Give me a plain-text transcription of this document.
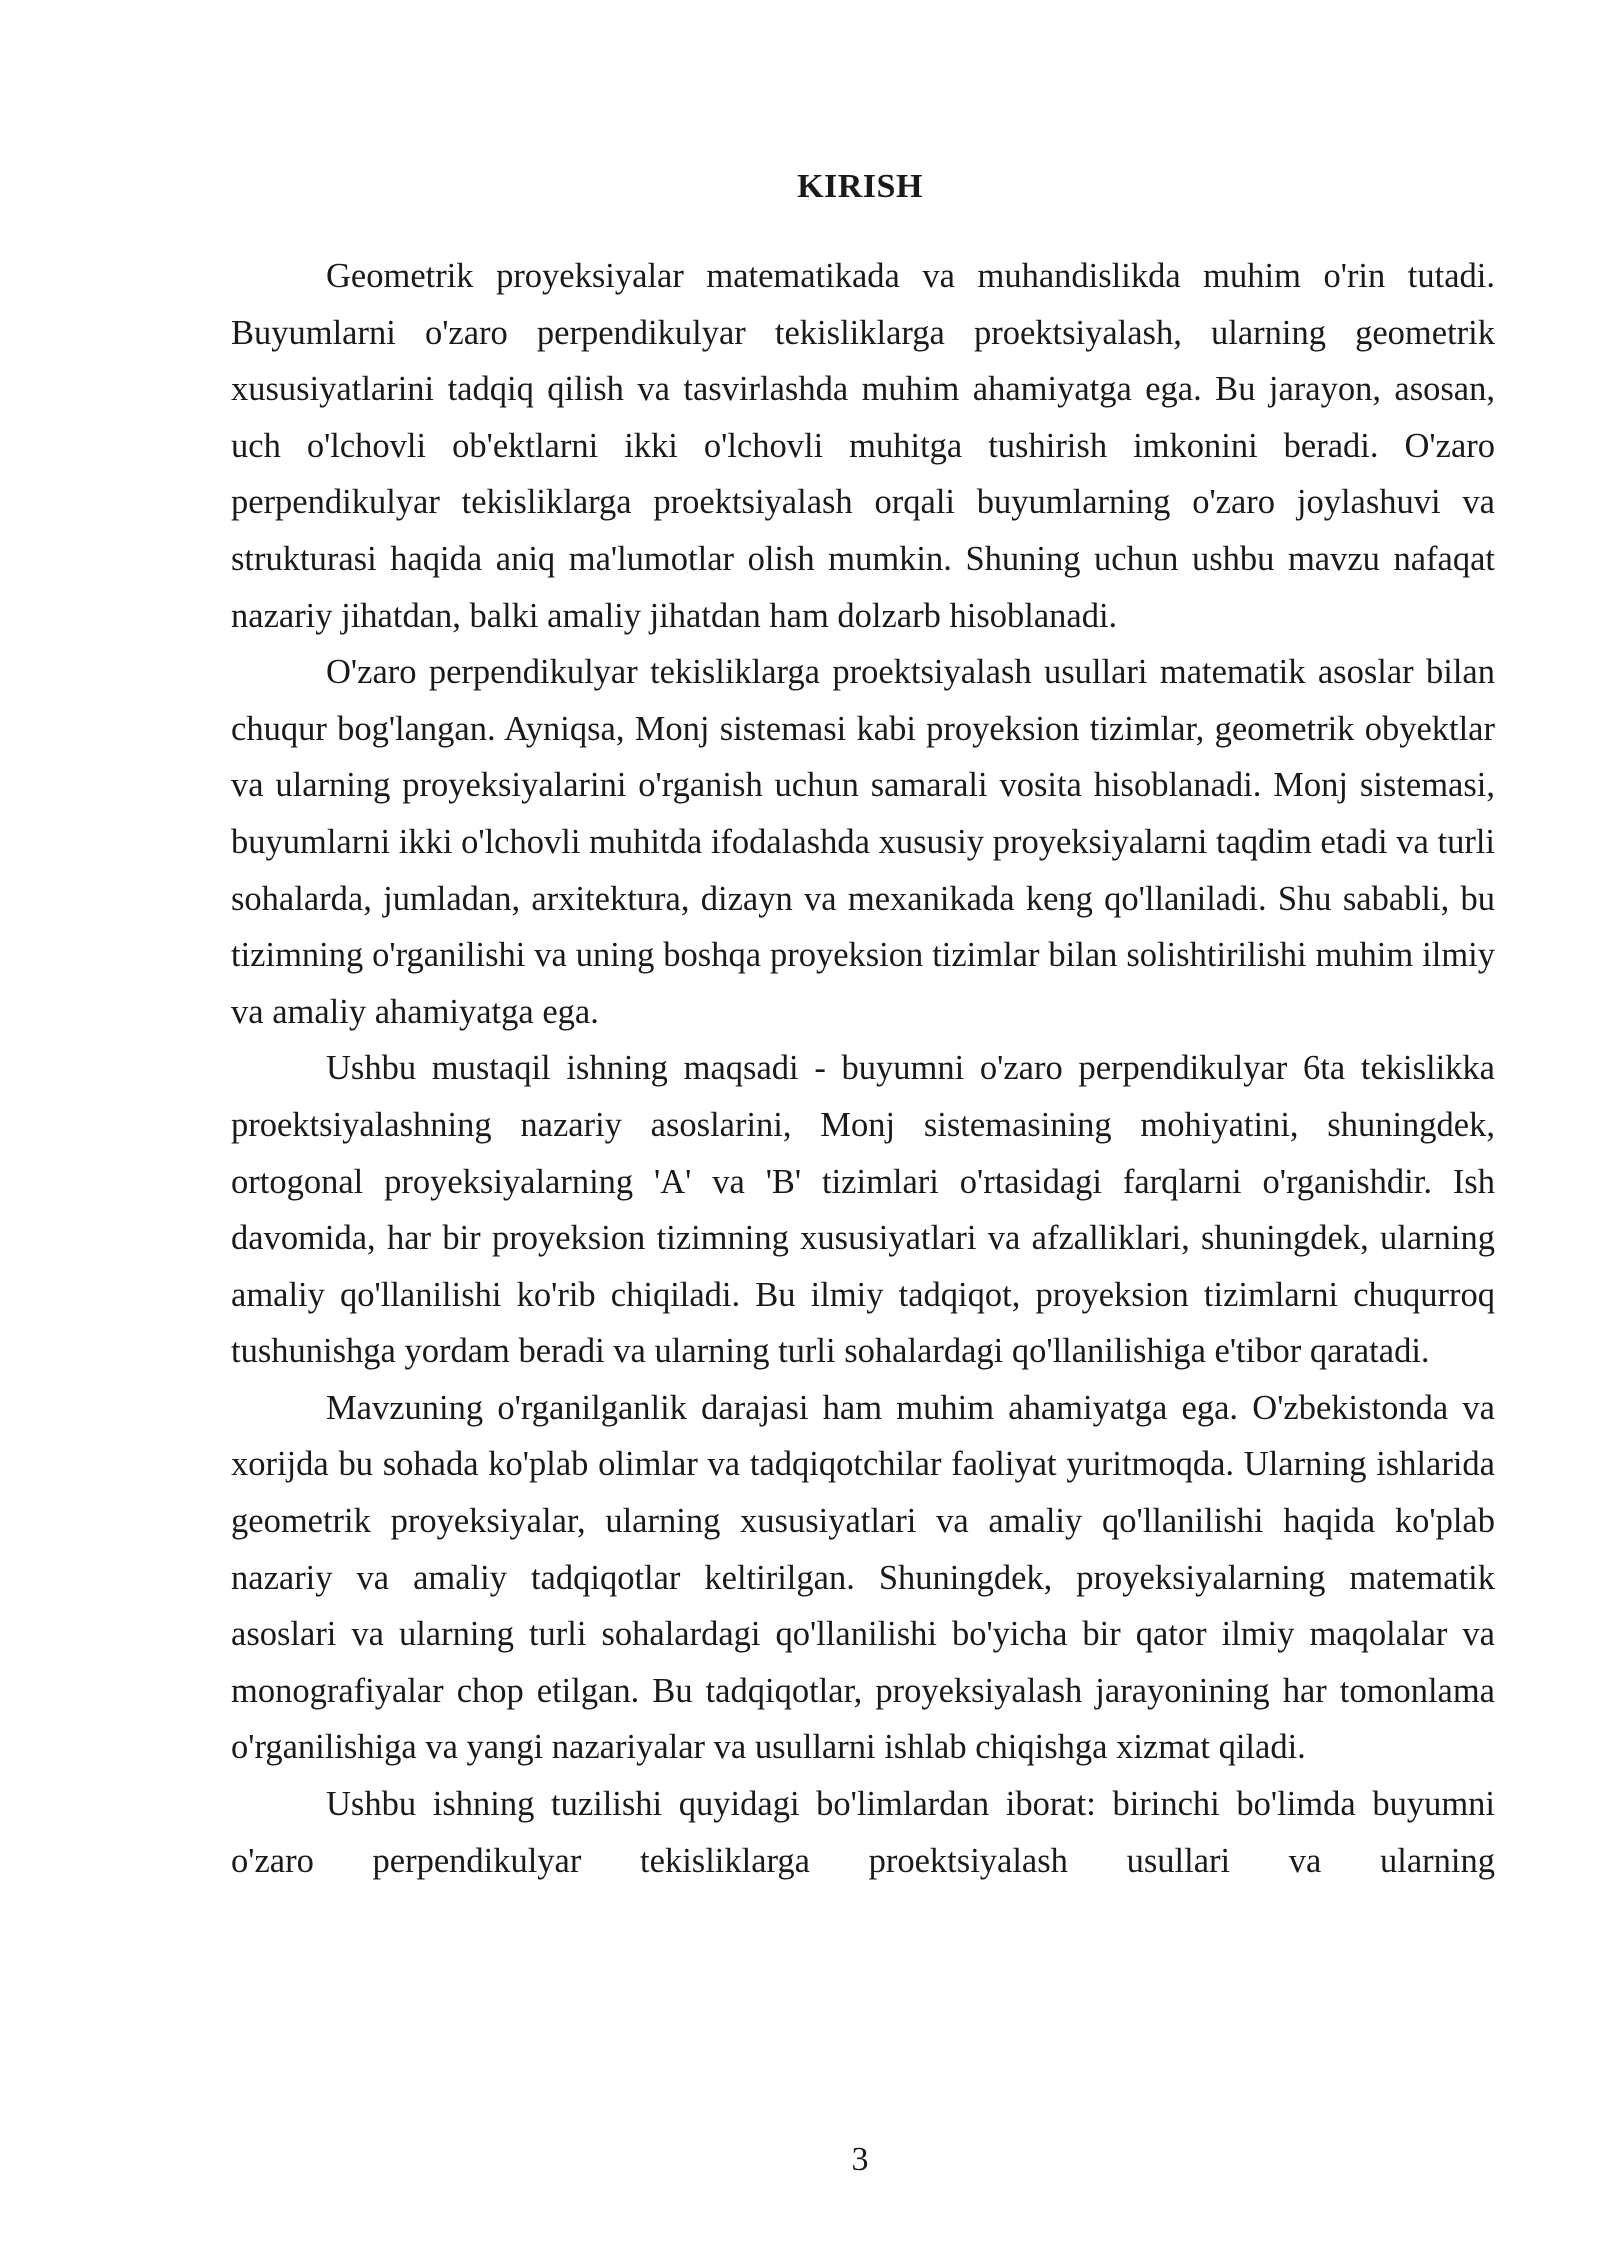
KIRISH

Geometrik proyeksiyalar matematikada va muhandislikda muhim o'rin tutadi. Buyumlarni o'zaro perpendikulyar tekisliklarga proektsiyalash, ularning geometrik xususiyatlarini tadqiq qilish va tasvirlashda muhim ahamiyatga ega. Bu jarayon, asosan, uch o'lchovli ob'ektlarni ikki o'lchovli muhitga tushirish imkonini beradi. O'zaro perpendikulyar tekisliklarga proektsiyalash orqali buyumlarning o'zaro joylashuvi va strukturasi haqida aniq ma'lumotlar olish mumkin. Shuning uchun ushbu mavzu nafaqat nazariy jihatdan, balki amaliy jihatdan ham dolzarb hisoblanadi.

O'zaro perpendikulyar tekisliklarga proektsiyalash usullari matematik asoslar bilan chuqur bog'langan. Ayniqsa, Monj sistemasi kabi proyeksion tizimlar, geometrik obyektlar va ularning proyeksiyalarini o'rganish uchun samarali vosita hisoblanadi. Monj sistemasi, buyumlarni ikki o'lchovli muhitda ifodalashda xususiy proyeksiyalarni taqdim etadi va turli sohalarda, jumladan, arxitektura, dizayn va mexanikada keng qo'llaniladi. Shu sababli, bu tizimning o'rganilishi va uning boshqa proyeksion tizimlar bilan solishtirilishi muhim ilmiy va amaliy ahamiyatga ega.

Ushbu mustaqil ishning maqsadi - buyumni o'zaro perpendikulyar 6ta tekislikka proektsiyalashning nazariy asoslarini, Monj sistemasining mohiyatini, shuningdek, ortogonal proyeksiyalarning 'A' va 'B' tizimlari o'rtasidagi farqlarni o'rganishdir. Ish davomida, har bir proyeksion tizimning xususiyatlari va afzalliklari, shuningdek, ularning amaliy qo'llanilishi ko'rib chiqiladi. Bu ilmiy tadqiqot, proyeksion tizimlarni chuqurroq tushunishga yordam beradi va ularning turli sohalardagi qo'llanilishiga e'tibor qaratadi.

Mavzuning o'rganilganlik darajasi ham muhim ahamiyatga ega. O'zbekistonda va xorijda bu sohada ko'plab olimlar va tadqiqotchilar faoliyat yuritmoqda. Ularning ishlarida geometrik proyeksiyalar, ularning xususiyatlari va amaliy qo'llanilishi haqida ko'plab nazariy va amaliy tadqiqotlar keltirilgan. Shuningdek, proyeksiyalarning matematik asoslari va ularning turli sohalardagi qo'llanilishi bo'yicha bir qator ilmiy maqolalar va monografiyalar chop etilgan. Bu tadqiqotlar, proyeksiyalash jarayonining har tomonlama o'rganilishiga va yangi nazariyalar va usullarni ishlab chiqishga xizmat qiladi.

Ushbu ishning tuzilishi quyidagi bo'limlardan iborat: birinchi bo'limda buyumni o'zaro perpendikulyar tekisliklarga proektsiyalash usullari va ularning

3
